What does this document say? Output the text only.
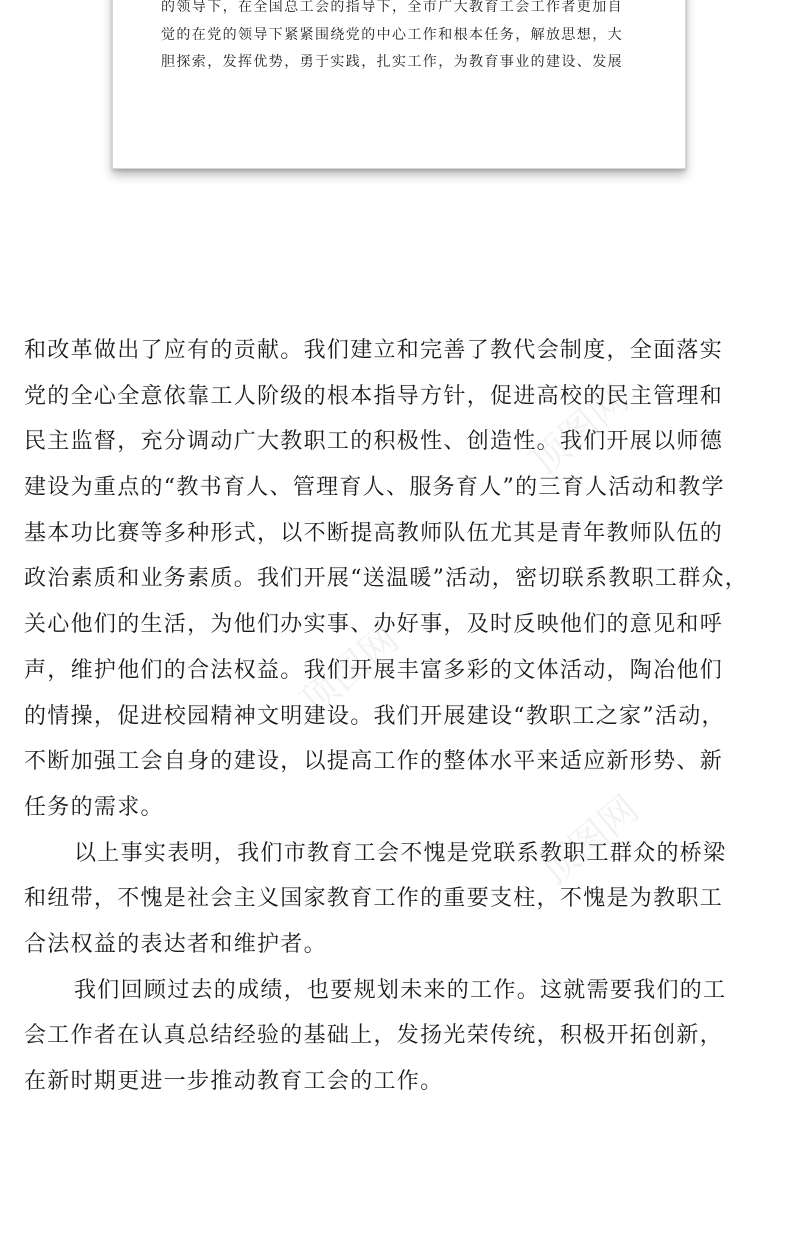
的领导下，在全国总工会的指导下，全市广大教育工会工作者更加自
觉的在党的领导下紧紧围绕党的中心工作和根本任务，解放思想，大
胆探索，发挥优势，勇于实践，扎实工作，为教育事业的建设、发展
和改革做出了应有的贡献。我们建立和完善了教代会制度，全面落实
党的全心全意依靠工人阶级的根本指导方针，促进高校的民主管理和
民主监督，充分调动广大教职工的积极性、创造性。我们开展以师德
建设为重点的“教书育人、管理育人、服务育人”的三育人活动和教学
基本功比赛等多种形式，以不断提高教师队伍尤其是青年教师队伍的
政治素质和业务素质。我们开展“送温暖”活动，密切联系教职工群众，
关心他们的生活，为他们办实事、办好事，及时反映他们的意见和呼
声，维护他们的合法权益。我们开展丰富多彩的文体活动，陶冶他们
的情操，促进校园精神文明建设。我们开展建设“教职工之家”活动，
不断加强工会自身的建设，以提高工作的整体水平来适应新形势、新
任务的需求。
以上事实表明，我们市教育工会不愧是党联系教职工群众的桥梁
和纽带，不愧是社会主义国家教育工作的重要支柱，不愧是为教职工
合法权益的表达者和维护者。
我们回顾过去的成绩，也要规划未来的工作。这就需要我们的工
会工作者在认真总结经验的基础上，发扬光荣传统，积极开拓创新，
在新时期更进一步推动教育工会的工作。
顶图网
顶图网
顶图网
